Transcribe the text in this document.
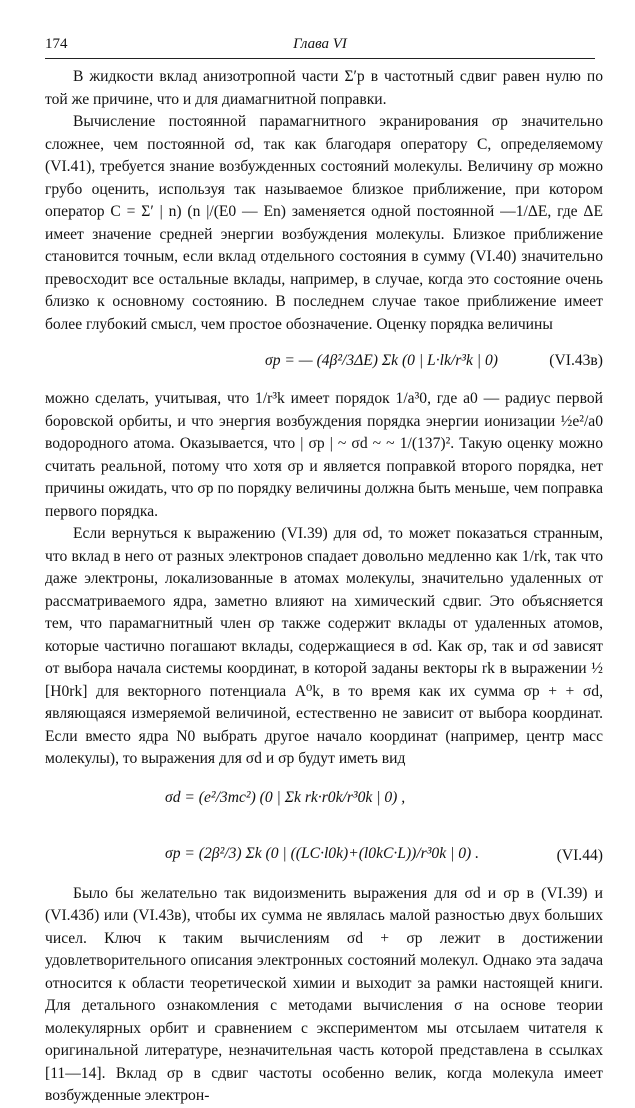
174	Глава VI

В жидкости вклад анизотропной части Σ′p в частотный сдвиг равен нулю по той же причине, что и для диамагнитной поправки.

Вычисление постоянной парамагнитного экранирования σp значительно сложнее, чем постоянной σd, так как благодаря оператору C, определяемому (VI.41), требуется знание возбужденных состояний молекулы. Величину σp можно грубо оценить, используя так называемое близкое приближение, при котором оператор C = Σ′ | n) (n |/(E0 — En) заменяется одной постоянной —1/ΔE, где ΔE имеет значение средней энергии возбуждения молекулы. Близкое приближение становится точным, если вклад отдельного состояния в сумму (VI.40) значительно превосходит все остальные вклады, например, в случае, когда это состояние очень близко к основному состоянию. В последнем случае такое приближение имеет более глубокий смысл, чем простое обозначение. Оценку порядка величины

σp = — (4β²/3ΔE) Σk (0 | L·lk/r³k | 0)	(VI.43в)

можно сделать, учитывая, что 1/r³k имеет порядок 1/a³0, где a0 — радиус первой боровской орбиты, и что энергия возбуждения порядка энергии ионизации ½e²/a0 водородного атома. Оказывается, что | σp | ~ σd ~ ~ 1/(137)². Такую оценку можно считать реальной, потому что хотя σp и является поправкой второго порядка, нет причины ожидать, что σp по порядку величины должна быть меньше, чем поправка первого порядка.

Если вернуться к выражению (VI.39) для σd, то может показаться странным, что вклад в него от разных электронов спадает довольно медленно как 1/rk, так что даже электроны, локализованные в атомах молекулы, значительно удаленных от рассматриваемого ядра, заметно влияют на химический сдвиг. Это объясняется тем, что парамагнитный член σp также содержит вклады от удаленных атомов, которые частично погашают вклады, содержащиеся в σd. Как σp, так и σd зависят от выбора начала системы координат, в которой заданы векторы rk в выражении ½ [H0rk] для векторного потенциала A⁰k, в то время как их сумма σp + + σd, являющаяся измеряемой величиной, естественно не зависит от выбора координат. Если вместо ядра N0 выбрать другое начало координат (например, центр масс молекулы), то выражения для σd и σp будут иметь вид

σd = (e²/3mc²) (0 | Σk rk·r0k/r³0k | 0) ,
σp = (2β²/3) Σk (0 | ((LC·l0k)+(l0kC·L))/r³0k | 0) .	(VI.44)

Было бы желательно так видоизменить выражения для σd и σp в (VI.39) и (VI.43б) или (VI.43в), чтобы их сумма не являлась малой разностью двух больших чисел. Ключ к таким вычислениям σd + σp лежит в достижении удовлетворительного описания электронных состояний молекул. Однако эта задача относится к области теоретической химии и выходит за рамки настоящей книги. Для детального ознакомления с методами вычисления σ на основе теории молекулярных орбит и сравнением с экспериментом мы отсылаем читателя к оригинальной литературе, незначительная часть которой представлена в ссылках [11—14]. Вклад σp в сдвиг частоты особенно велик, когда молекула имеет возбужденные электрон-
